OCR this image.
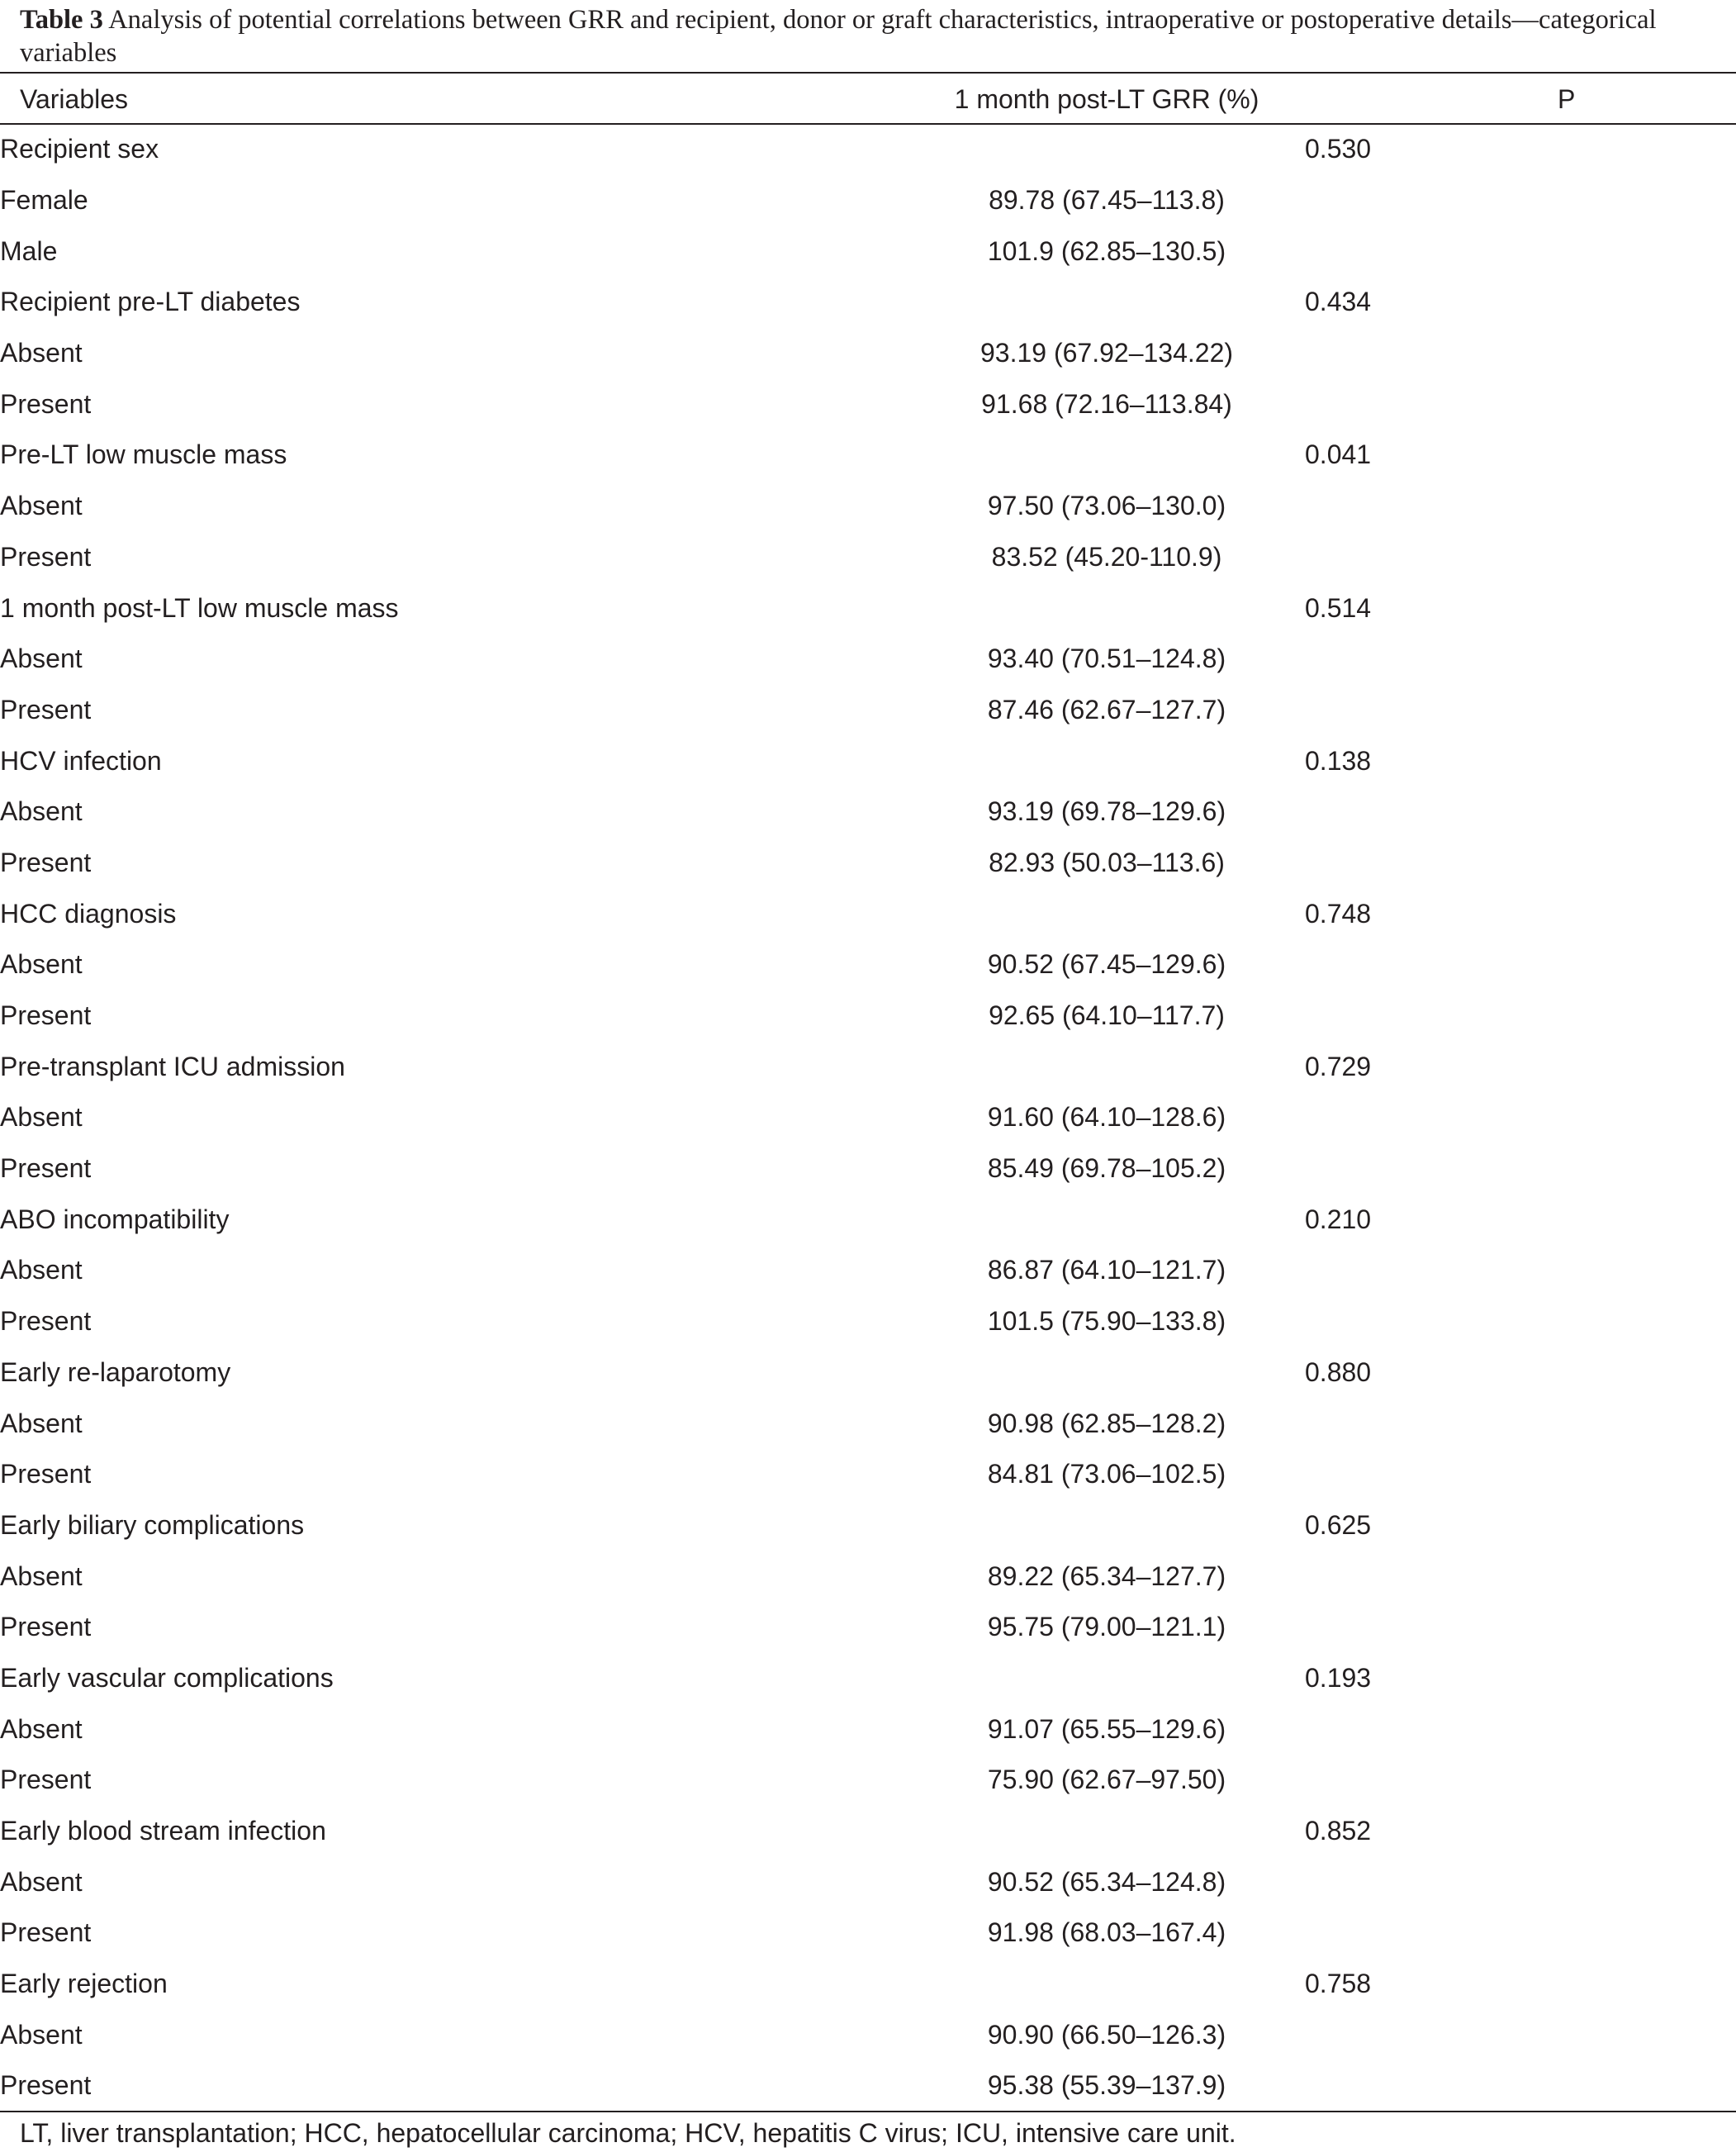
Table 3 Analysis of potential correlations between GRR and recipient, donor or graft characteristics, intraoperative or postoperative details—categorical variables
Variables	1 month post-LT GRR (%)	P
Recipient sex		0.530
Female	89.78 (67.45–113.8)	
Male	101.9 (62.85–130.5)	
Recipient pre-LT diabetes		0.434
Absent	93.19 (67.92–134.22)	
Present	91.68 (72.16–113.84)	
Pre-LT low muscle mass		0.041
Absent	97.50 (73.06–130.0)	
Present	83.52 (45.20-110.9)	
1 month post-LT low muscle mass		0.514
Absent	93.40 (70.51–124.8)	
Present	87.46 (62.67–127.7)	
HCV infection		0.138
Absent	93.19 (69.78–129.6)	
Present	82.93 (50.03–113.6)	
HCC diagnosis		0.748
Absent	90.52 (67.45–129.6)	
Present	92.65 (64.10–117.7)	
Pre-transplant ICU admission		0.729
Absent	91.60 (64.10–128.6)	
Present	85.49 (69.78–105.2)	
ABO incompatibility		0.210
Absent	86.87 (64.10–121.7)	
Present	101.5 (75.90–133.8)	
Early re-laparotomy		0.880
Absent	90.98 (62.85–128.2)	
Present	84.81 (73.06–102.5)	
Early biliary complications		0.625
Absent	89.22 (65.34–127.7)	
Present	95.75 (79.00–121.1)	
Early vascular complications		0.193
Absent	91.07 (65.55–129.6)	
Present	75.90 (62.67–97.50)	
Early blood stream infection		0.852
Absent	90.52 (65.34–124.8)	
Present	91.98 (68.03–167.4)	
Early rejection		0.758
Absent	90.90 (66.50–126.3)	
Present	95.38 (55.39–137.9)	
LT, liver transplantation; HCC, hepatocellular carcinoma; HCV, hepatitis C virus; ICU, intensive care unit.
